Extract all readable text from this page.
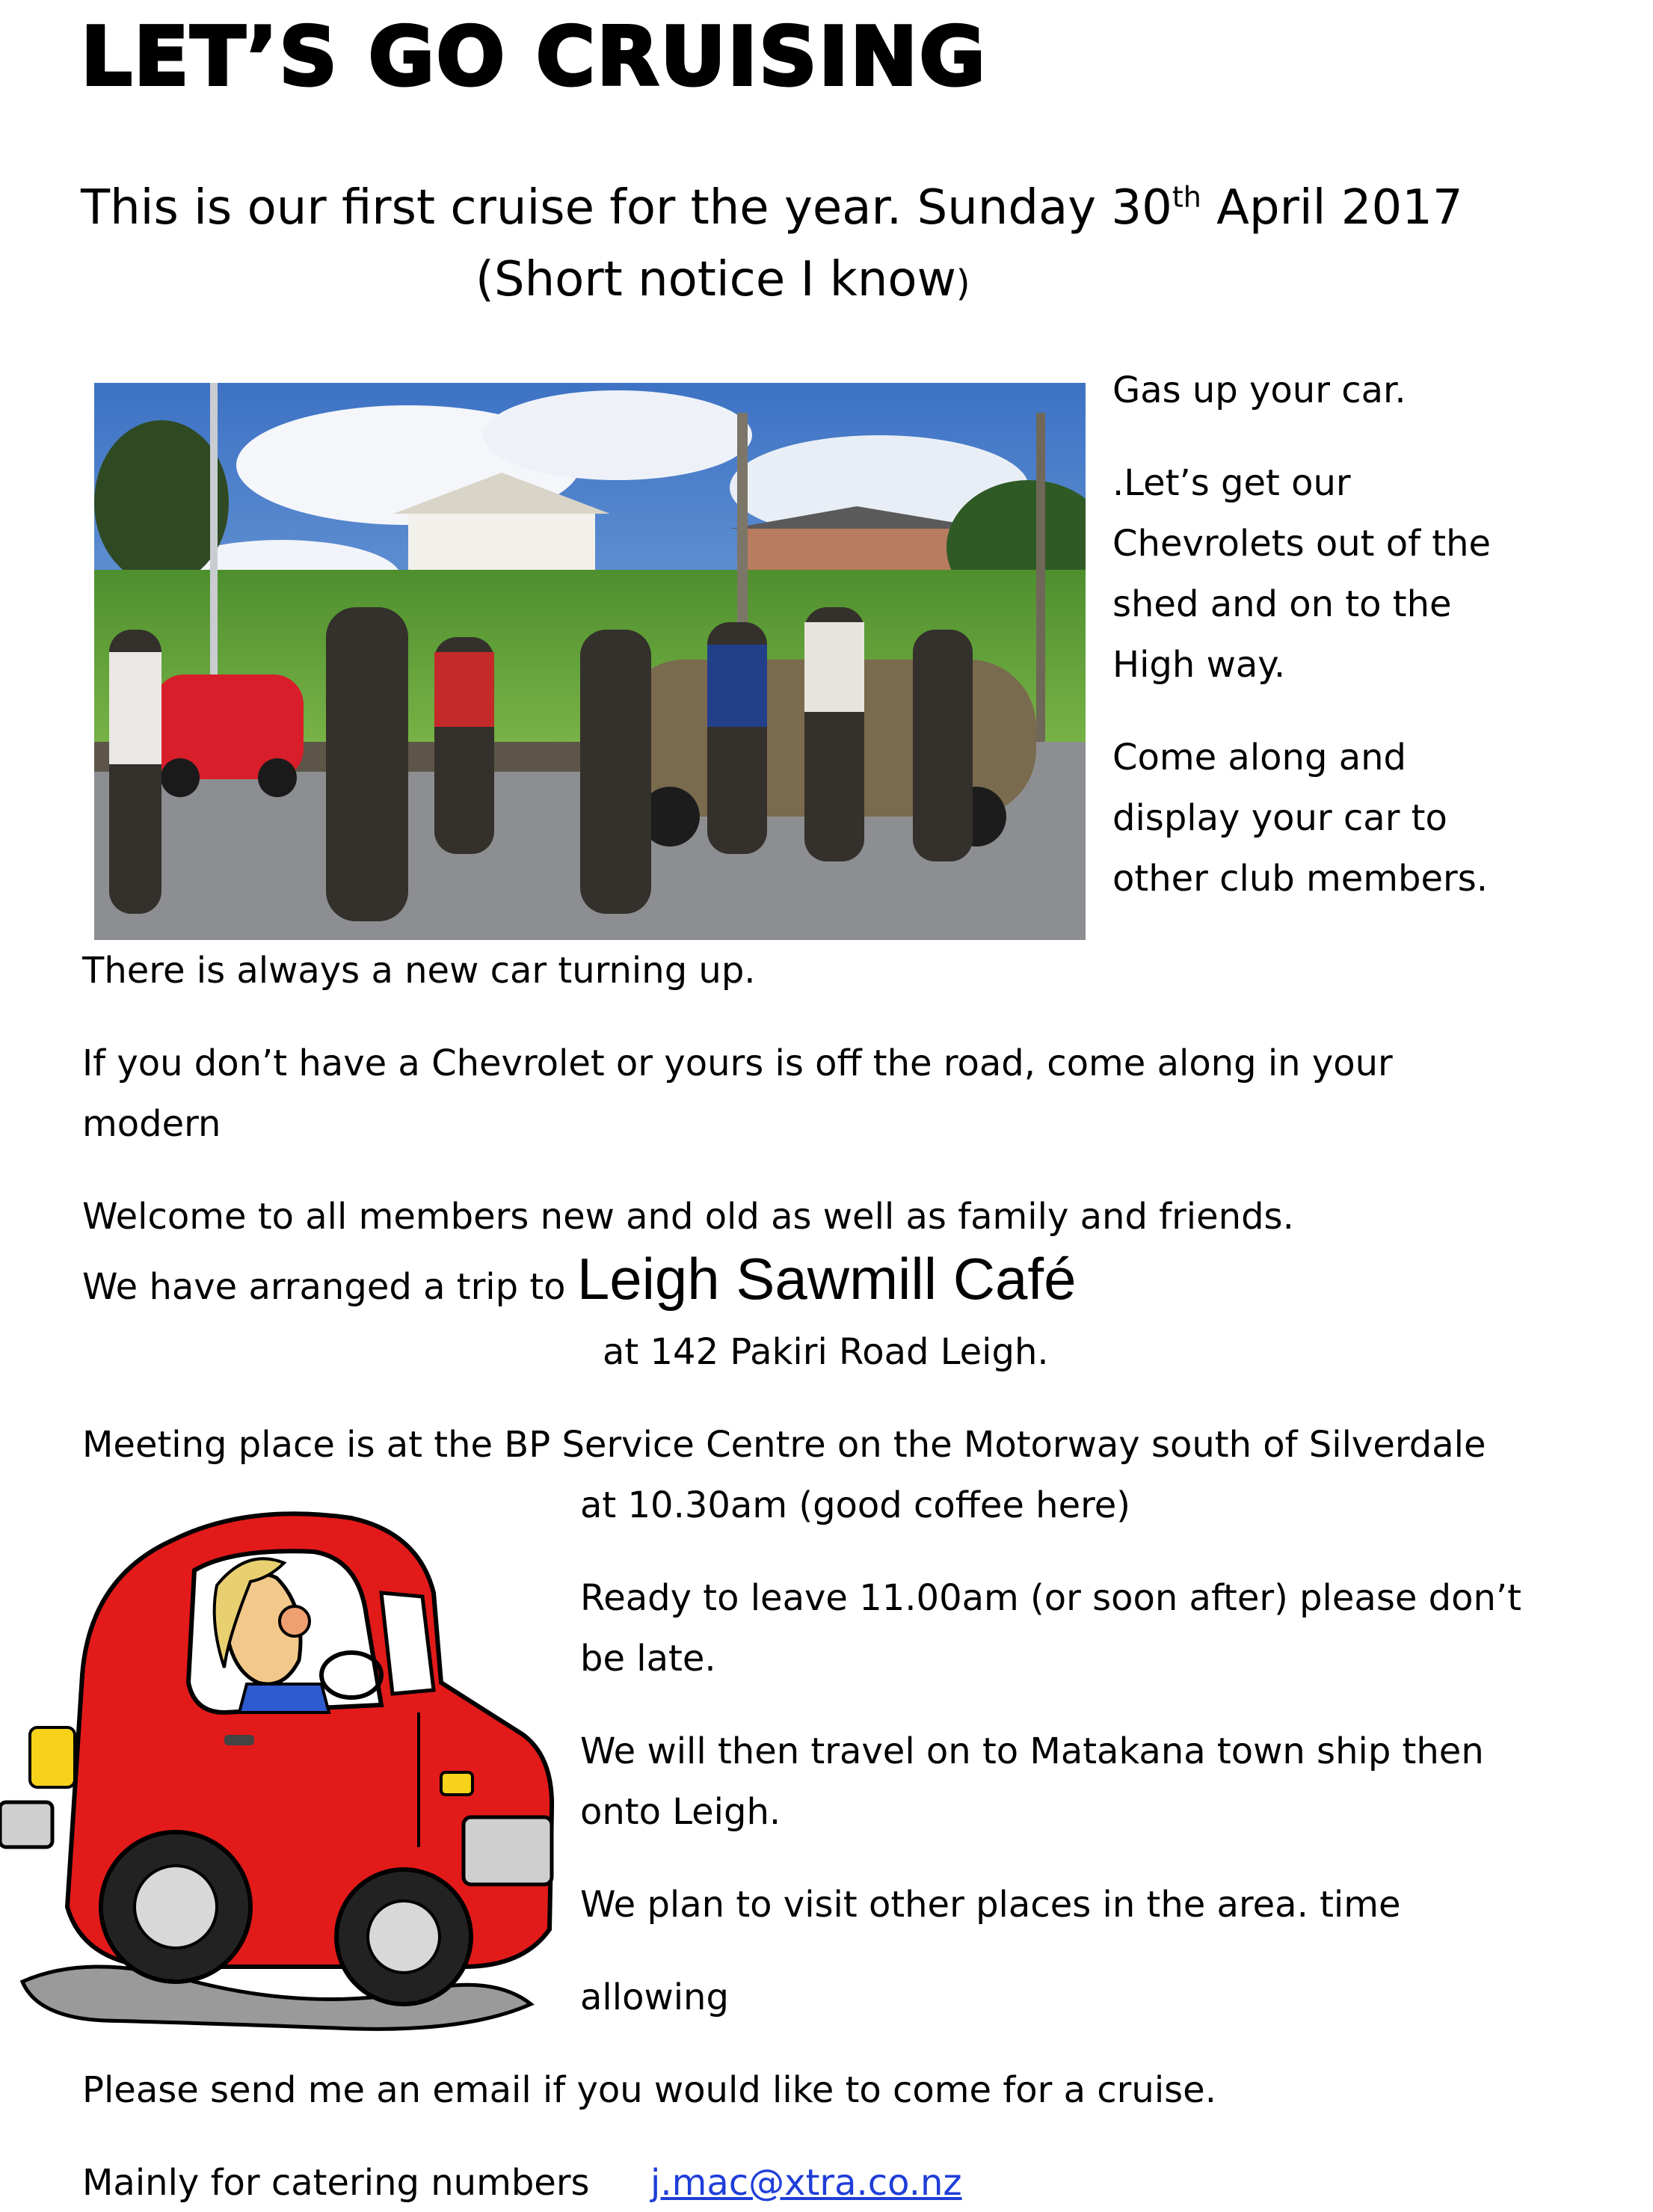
LET’S GO CRUISING
This is our first cruise for the year. Sunday 30th April 2017
(Short notice I know)
Gas up your car.
.Let’s get our
Chevrolets out of the
shed and on to the
High way.
Come along and
display your car to
other club members.
There is always a new car turning up.
If you don’t have a Chevrolet or yours is off the road, come along in your
modern
Welcome to all members new and old as well as family and friends.
We have arranged a trip to Leigh Sawmill Café
at 142 Pakiri Road Leigh.
Meeting place is at the BP Service Centre on the Motorway south of Silverdale
at 10.30am (good coffee here)
Ready to leave 11.00am (or soon after) please don’t
be late.
We will then travel on to Matakana town ship then
onto Leigh.
We plan to visit other places in the area. time
allowing
Please send me an email if you would like to come for a cruise.
Mainly for catering numbers j.mac@xtra.co.nz
